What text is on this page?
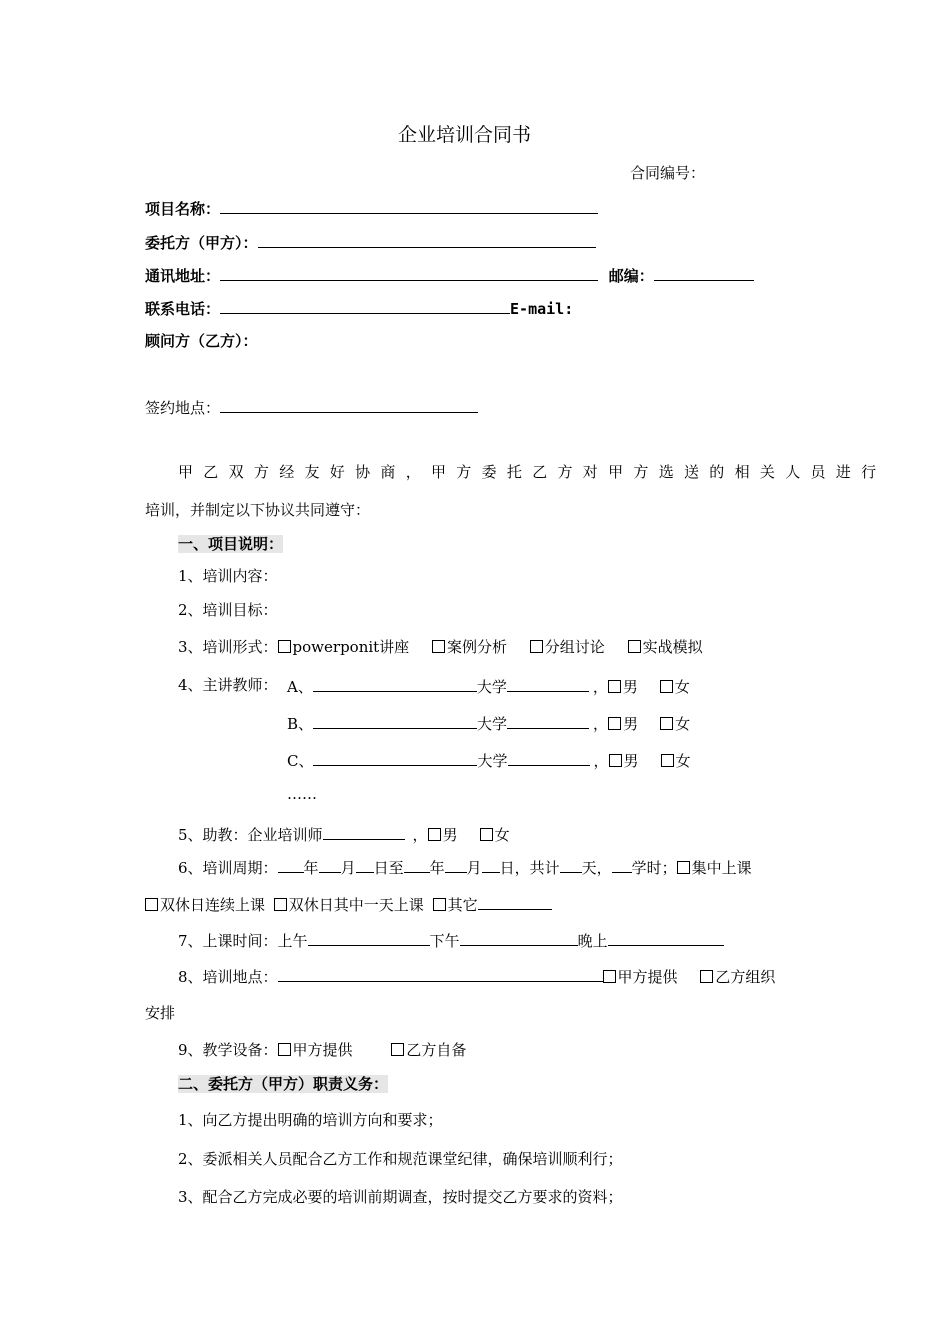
企业培训合同书
合同编号：
项目名称：
委托方（甲方）：
通讯地址：	邮编：
联系电话：	E-mail:
顾问方（乙方）：
签约地点：
甲乙双方经友好协商，甲方委托乙方对甲方选送的相关人员进行
培训，并制定以下协议共同遵守：
一、项目说明：
1、培训内容：
2、培训目标：
3、培训形式： powerponit讲座	案例分析	分组讨论	实战模拟
4、主讲教师： A、	大学	， 男 女
B、	大学	， 男 女
C、	大学	， 男 女
……
5、助教：企业培训师	， 男 女
6、培训周期： 年 月 日至 年 月 日，共计 天， 学时； 集中上课
双休日连续上课 双休日其中一天上课 其它
7、上课时间：上午	下午	晚上
8、培训地点：	甲方提供	乙方组织
安排
9、教学设备： 甲方提供	乙方自备
二、委托方（甲方）职责义务：
1、向乙方提出明确的培训方向和要求；
2、委派相关人员配合乙方工作和规范课堂纪律，确保培训顺利行；
3、配合乙方完成必要的培训前期调查，按时提交乙方要求的资料；
